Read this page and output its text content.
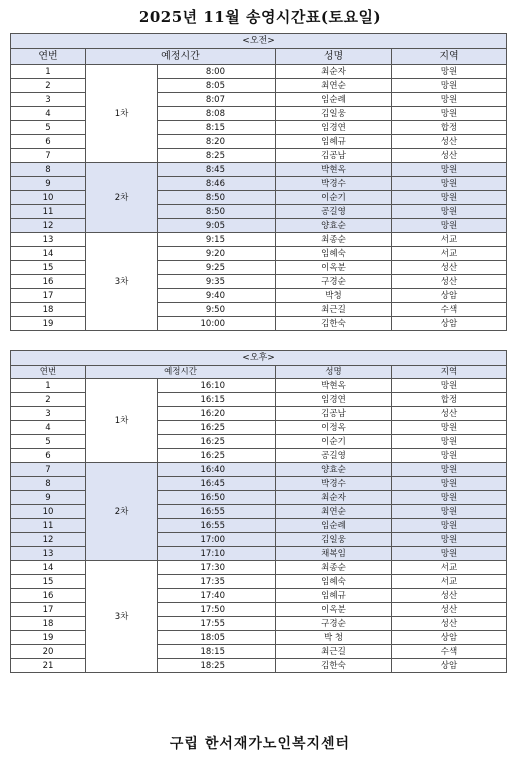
2025년 11월 송영시간표(토요일)
<오전>				
연번	예정시간		성명	지역
1	1차	8:00	최순자	망원
2		8:05	최연순	망원
3		8:07	임순례	망원
4		8:08	김일웅	망원
5		8:15	임경연	합정
6		8:20	임혜규	성산
7		8:25	김공남	성산
8	2차	8:45	박현옥	망원
9		8:46	박경수	망원
10		8:50	이순기	망원
11		8:50	공길영	망원
12		9:05	양효순	망원
13	3차	9:15	최종순	서교
14		9:20	임혜숙	서교
15		9:25	이옥분	성산
16		9:35	구경순	성산
17		9:40	박청	상암
18		9:50	최근길	수색
19		10:00	김한숙	상암
<오후>				
연번	예정시간		성명	지역
1	1차	16:10	박현옥	망원
2		16:15	임경연	합정
3		16:20	김공남	성산
4		16:25	이정옥	망원
5		16:25	이순기	망원
6		16:25	공길영	망원
7	2차	16:40	양효순	망원
8		16:45	박경수	망원
9		16:50	최순자	망원
10		16:55	최연순	망원
11		16:55	임순례	망원
12		17:00	김일웅	망원
13		17:10	채복임	망원
14	3차	17:30	최종순	서교
15		17:35	임혜숙	서교
16		17:40	임혜규	성산
17		17:50	이옥분	성산
18		17:55	구경순	성산
19		18:05	박 청	상암
20		18:15	최근길	수색
21		18:25	김한숙	상암
구립 한서재가노인복지센터
